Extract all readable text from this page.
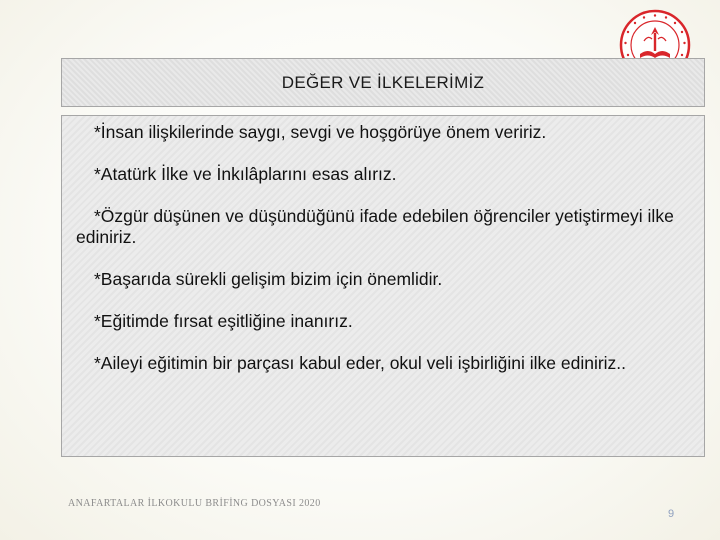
DEĞER VE İLKELERİMİZ

*İnsan ilişkilerinde saygı, sevgi ve hoşgörüye önem veririz.

*Atatürk İlke ve İnkılâplarını esas alırız.

*Özgür düşünen ve düşündüğünü ifade edebilen öğrenciler yetiştirmeyi ilke ediniriz.

*Başarıda sürekli gelişim bizim için önemlidir.

*Eğitimde fırsat eşitliğine inanırız.

*Aileyi eğitimin bir parçası kabul eder, okul veli işbirliğini ilke ediniriz..

ANAFARTALAR İLKOKULU BRİFİNG DOSYASI 2020
9
